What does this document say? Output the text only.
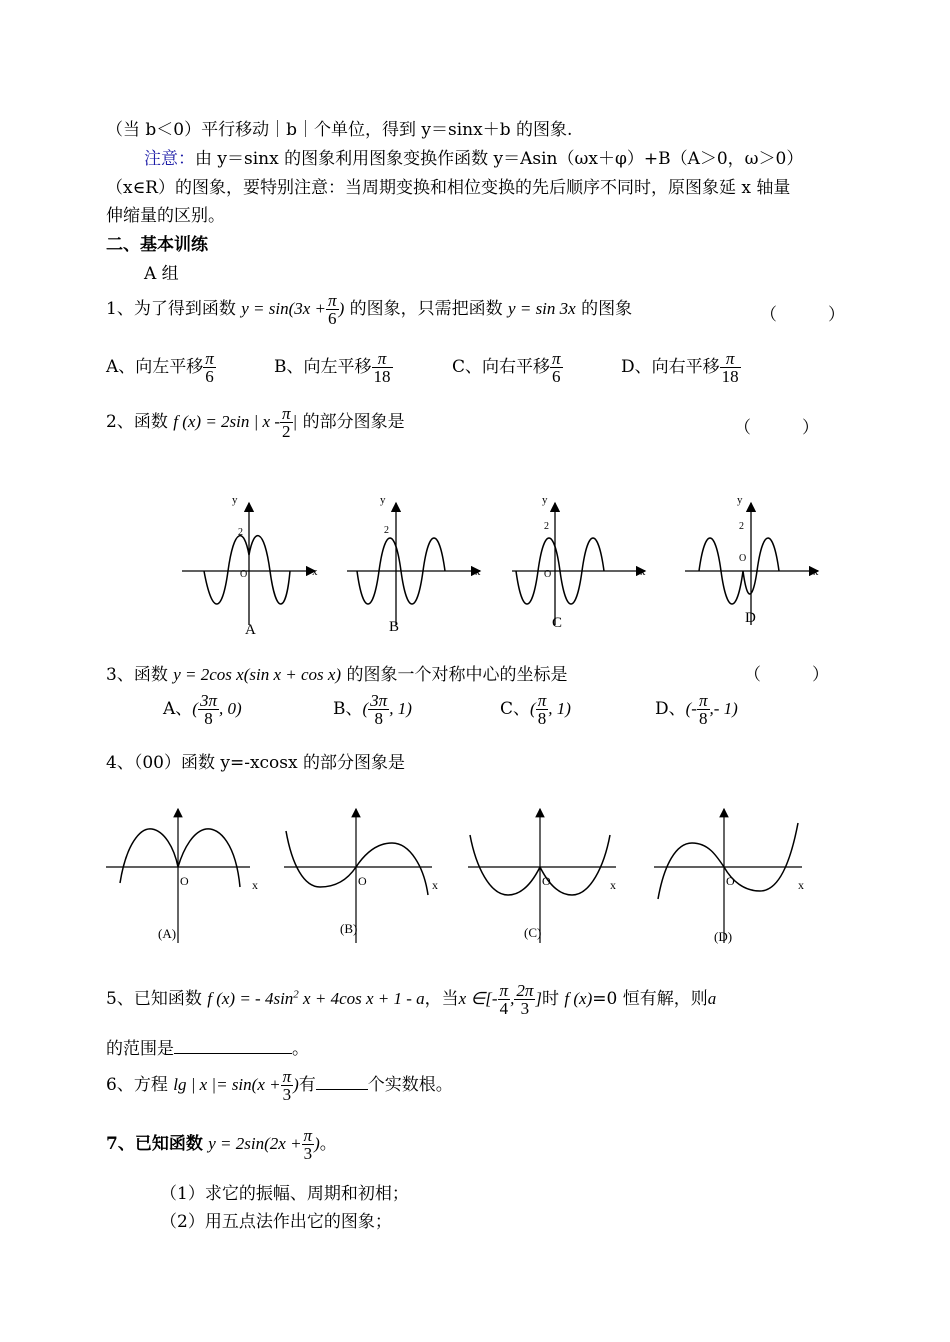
（当 b＜0）平行移动｜b｜个单位，得到 y＝sinx＋b 的图象.
注意：由 y＝sinx 的图象利用图象变换作函数 y＝Asin（ωx＋φ）+B（A＞0，ω＞0）
（x∈R）的图象，要特别注意：当周期变换和相位变换的先后顺序不同时，原图象延 x 轴量
伸缩量的区别。
二、基本训练
A 组
1、为了得到函数 $y = \sin(3x + \frac{\pi}{6}$ ) 的图象，只需把函数 y = sin 3x 的图象	（　　　）
A、向左平移 $\frac{\pi}{6}$	B、向左平移 $\frac{\pi}{18}$	C、向右平移 $\frac{\pi}{6}$	D、向右平移 $\frac{\pi}{18}$
2、函数 f (x) = 2sin | x - $\frac{\pi}{2}$ | 的部分图象是	（　　　）
y
x
O
2
A
y
x
2
B
y
x
O
2
C
y
x
O
2
D
3、函数 y = 2cos x(sin x + cos x) 的图象一个对称中心的坐标是	（　　　）
A、( $\frac{3\pi}{8}$ , 0)	B、( $\frac{3\pi}{8}$ , 1)	C、( $\frac{\pi}{8}$ , 1)	D、(- $\frac{\pi}{8}$ ,- 1)
4、（00）函数 y=-xcosx 的部分图象是
O	x
(A)
O	x
(B)
O	x
(C)
O	x
(D)
5、已知函数 f (x) = - $4\sin^2$ x + 4cos x + 1 - a，当x ∈[- $\frac{\pi}{4}$ , $\frac{2\pi}{3}$ ]时 f (x)=0 恒有解，则a
的范围是	。
6、方程 lg | x |= $\sin(x + \frac{\pi}{3}$ )有	个实数根。
7、已知函数 $y = 2\sin(2x + \frac{\pi}{3}$ )。
（1）求它的振幅、周期和初相；
（2）用五点法作出它的图象；
